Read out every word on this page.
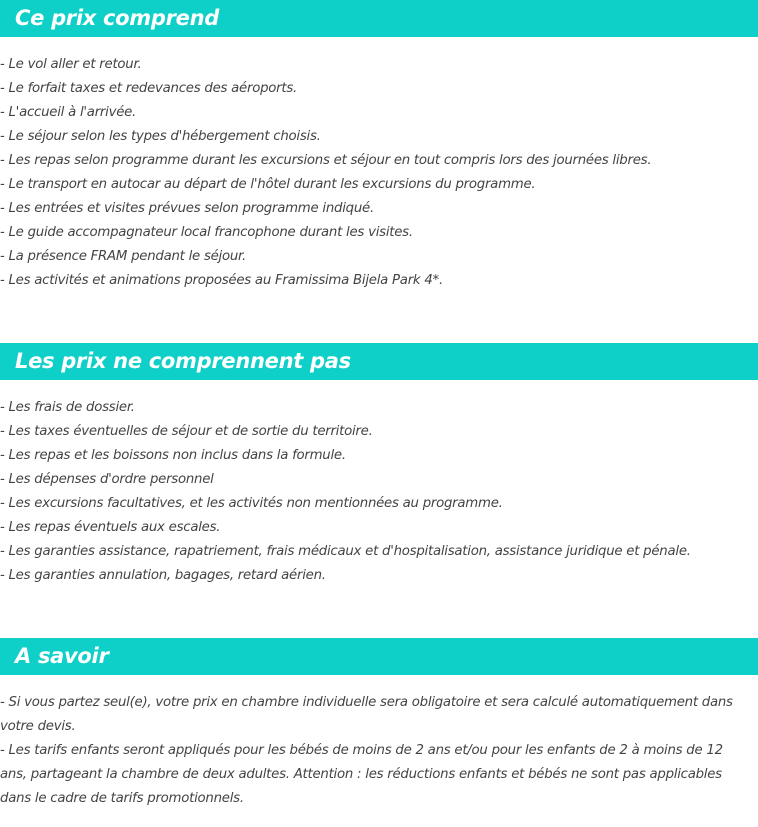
Ce prix comprend
- Le vol aller et retour.
- Le forfait taxes et redevances des aéroports.
- L'accueil à l'arrivée.
- Le séjour selon les types d'hébergement choisis.
- Les repas selon programme durant les excursions et séjour en tout compris lors des journées libres.
- Le transport en autocar au départ de l'hôtel durant les excursions du programme.
- Les entrées et visites prévues selon programme indiqué.
- Le guide accompagnateur local francophone durant les visites.
- La présence FRAM pendant le séjour.
- Les activités et animations proposées au Framissima Bijela Park 4*.
Les prix ne comprennent pas
- Les frais de dossier.
- Les taxes éventuelles de séjour et de sortie du territoire.
- Les repas et les boissons non inclus dans la formule.
- Les dépenses d'ordre personnel
- Les excursions facultatives, et les activités non mentionnées au programme.
- Les repas éventuels aux escales.
- Les garanties assistance, rapatriement, frais médicaux et d'hospitalisation, assistance juridique et pénale.
- Les garanties annulation, bagages, retard aérien.
A savoir

- Si vous partez seul(e), votre prix en chambre individuelle sera obligatoire et sera calculé automatiquement dans votre devis.

- Les tarifs enfants seront appliqués pour les bébés de moins de 2 ans et/ou pour les enfants de 2 à moins de 12 ans, partageant la chambre de deux adultes. Attention : les réductions enfants et bébés ne sont pas applicables dans le cadre de tarifs promotionnels.
